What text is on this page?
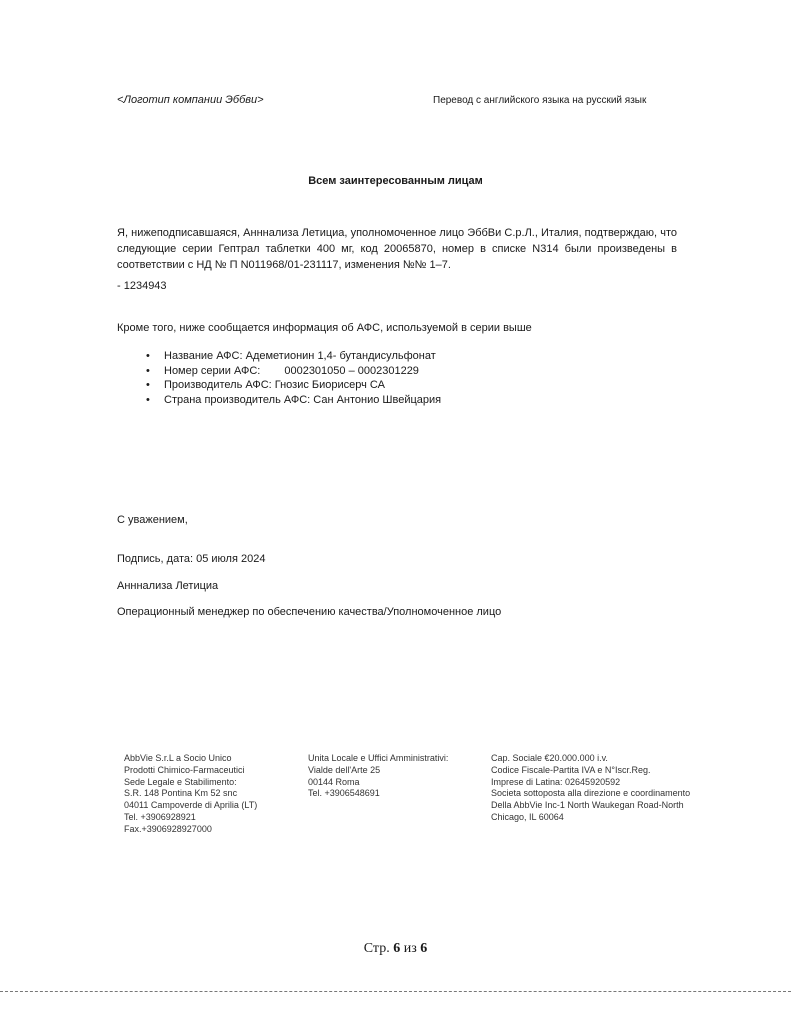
<Логотип компании Эббви>	Перевод с английского языка на русский язык
Всем заинтересованным лицам
Я, нижеподписавшаяся, Анннализа Летициа, уполномоченное лицо ЭббВи С.р.Л., Италия, подтверждаю, что следующие серии Гептрал таблетки 400 мг, код 20065870, номер в списке N314 были произведены в соответствии с НД № П N011968/01-231117, изменения №№ 1–7.
- 1234943
Кроме того, ниже сообщается информация об АФС, используемой в серии выше
• Название АФС: Адеметионин 1,4- бутандисульфонат
• Номер серии АФС: 0002301050 – 0002301229
• Производитель АФС: Гнозис Биорисерч СА
• Страна производитель АФС: Сан Антонио Швейцария
С уважением,
Подпись, дата: 05 июля 2024
Анннализа Летициа
Операционный менеджер по обеспечению качества/Уполномоченное лицо
AbbVie S.r.L a Socio Unico
Prodotti Chimico-Farmaceutici
Sede Legale e Stabilimento:
S.R. 148 Pontina Km 52 snc
04011 Campoverde di Aprilia (LT)
Tel. +3906928921
Fax.+3906928927000
Unita Locale e Uffici Amministrativi:
Vialde dell'Arte 25
00144 Roma
Tel. +3906548691
Cap. Sociale €20.000.000 i.v.
Codice Fiscale-Partita IVA e N°Iscr.Reg.
Imprese di Latina: 02645920592
Societa sottoposta alla direzione e coordinamento
Della AbbVie Inc-1 North Waukegan Road-North
Chicago, IL 60064
Стр. 6 из 6
